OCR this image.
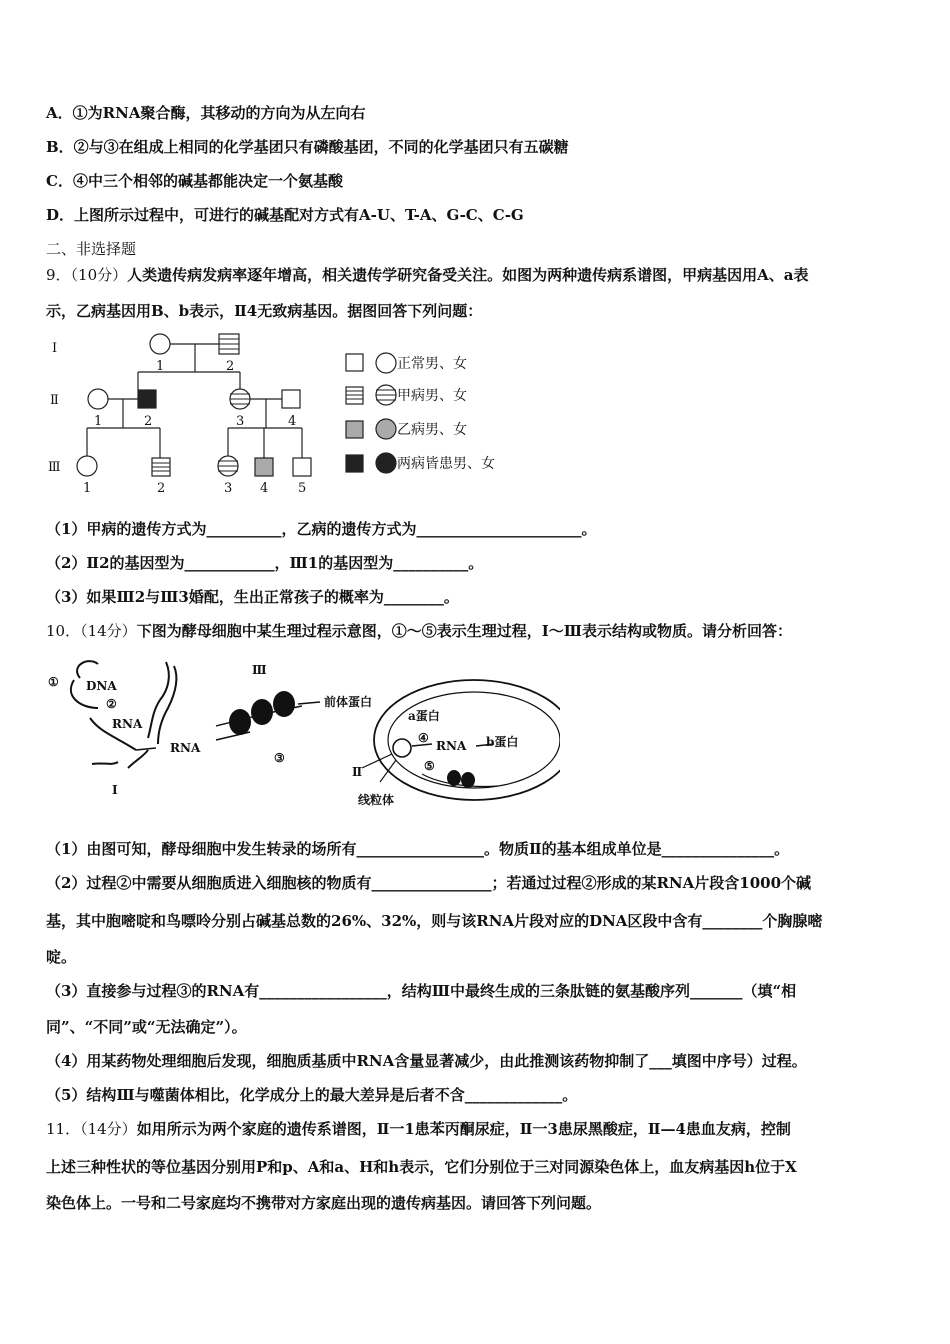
A．①为RNA聚合酶，其移动的方向为从左向右
B．②与③在组成上相同的化学基团只有磷酸基团，不同的化学基团只有五碳糖
C．④中三个相邻的碱基都能决定一个氨基酸
D．上图所示过程中，可进行的碱基配对方式有A-U、T-A、G-C、C-G
二、非选择题
9．（10分）人类遗传病发病率逐年增高，相关遗传学研究备受关注。如图为两种遗传病系谱图，甲病基因用A、a表
示，乙病基因用B、b表示，Ⅱ4无致病基因。据图回答下列问题：
Ⅰ
Ⅱ
Ⅲ
1	2
1	2	3	4
1	2	3 4 5
正常男、女
甲病男、女
乙病男、女
两病皆患男、女
（1）甲病的遗传方式为__________，乙病的遗传方式为______________________。
（2）Ⅱ2的基因型为____________，Ⅲ1的基因型为__________。
（3）如果Ⅲ2与Ⅲ3婚配，生出正常孩子的概率为________。
10．（14分）下图为酵母细胞中某生理过程示意图，①～⑤表示生理过程，Ⅰ～Ⅲ表示结构或物质。请分析回答：
① DNA
②
RNA
RNA
Ⅰ
Ⅲ
③
前体蛋白
a蛋白
④
RNA b蛋白
Ⅱ	⑤
线粒体
（1）由图可知，酵母细胞中发生转录的场所有_________________。物质Ⅱ的基本组成单位是_______________。
（2）过程②中需要从细胞质进入细胞核的物质有________________；若通过过程②形成的某RNA片段含1000个碱
基，其中胞嘧啶和鸟嘌呤分别占碱基总数的26%、32%，则与该RNA片段对应的DNA区段中含有________个胸腺嘧
啶。
（3）直接参与过程③的RNA有_________________，结构Ⅲ中最终生成的三条肽链的氨基酸序列_______（填“相
同”、“不同”或“无法确定”）。
（4）用某药物处理细胞后发现，细胞质基质中RNA含量显著减少，由此推测该药物抑制了___填图中序号）过程。
（5）结构Ⅲ与噬菌体相比，化学成分上的最大差异是后者不含_____________。
11．（14分）如用所示为两个家庭的遗传系谱图，Ⅱ一1患苯丙酮尿症，Ⅱ一3患尿黑酸症，Ⅱ—4患血友病，控制
上述三种性状的等位基因分别用P和p、A和a、H和h表示，它们分别位于三对同源染色体上，血友病基因h位于X
染色体上。一号和二号家庭均不携带对方家庭出现的遗传病基因。请回答下列问题。
